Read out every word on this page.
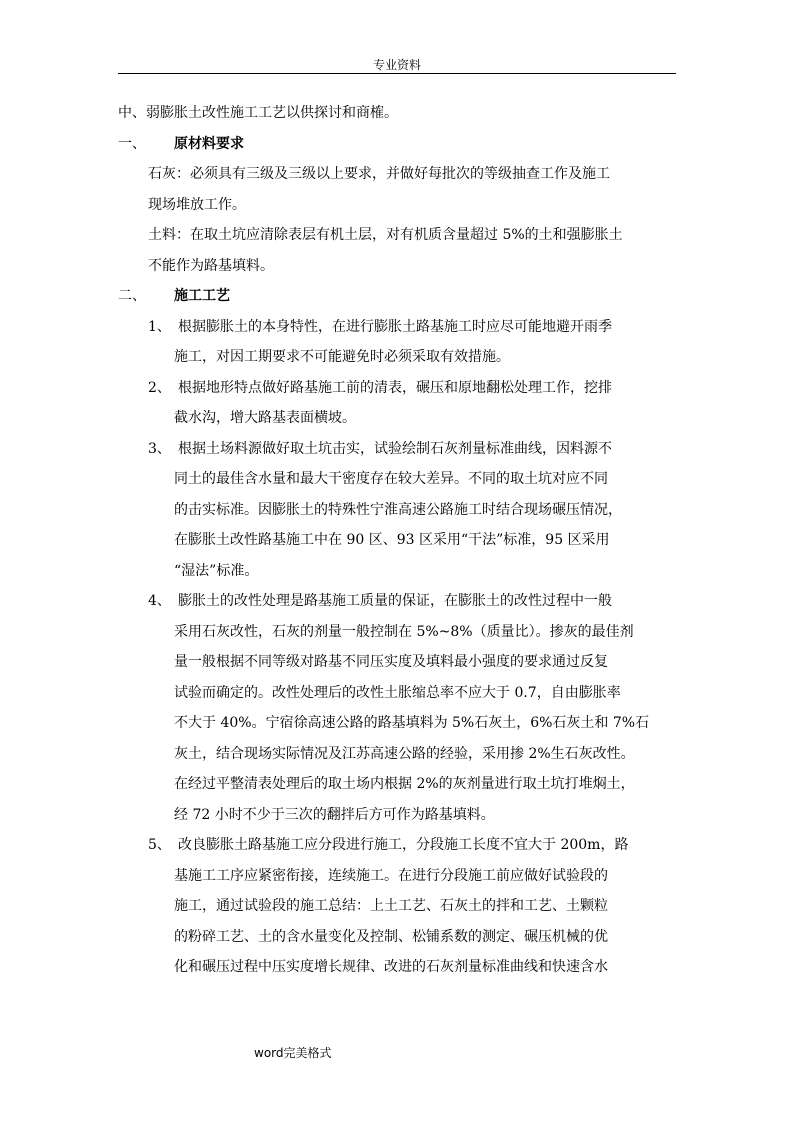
专业资料
中、弱膨胀土改性施工工艺以供探讨和商榷。
一、 原材料要求
石灰：必须具有三级及三级以上要求，并做好每批次的等级抽查工作及施工
现场堆放工作。
土料：在取土坑应清除表层有机土层，对有机质含量超过 5%的土和强膨胀土
不能作为路基填料。
二、 施工工艺
1、 根据膨胀土的本身特性，在进行膨胀土路基施工时应尽可能地避开雨季
施工，对因工期要求不可能避免时必须采取有效措施。
2、 根据地形特点做好路基施工前的清表，碾压和原地翻松处理工作，挖排
截水沟，增大路基表面横坡。
3、 根据土场料源做好取土坑击实，试验绘制石灰剂量标准曲线，因料源不
同土的最佳含水量和最大干密度存在较大差异。不同的取土坑对应不同
的击实标准。因膨胀土的特殊性宁淮高速公路施工时结合现场碾压情况，
在膨胀土改性路基施工中在 90 区、93 区采用“干法”标准，95 区采用
“湿法”标准。
4、 膨胀土的改性处理是路基施工质量的保证，在膨胀土的改性过程中一般
采用石灰改性，石灰的剂量一般控制在 5%~8%（质量比）。掺灰的最佳剂
量一般根据不同等级对路基不同压实度及填料最小强度的要求通过反复
试验而确定的。改性处理后的改性土胀缩总率不应大于 0.7，自由膨胀率
不大于 40%。宁宿徐高速公路的路基填料为 5%石灰土，6%石灰土和 7%石
灰土，结合现场实际情况及江苏高速公路的经验，采用掺 2%生石灰改性。
在经过平整清表处理后的取土场内根据 2%的灰剂量进行取土坑打堆焖土，
经 72 小时不少于三次的翻拌后方可作为路基填料。
5、 改良膨胀土路基施工应分段进行施工，分段施工长度不宜大于 200m，路
基施工工序应紧密衔接，连续施工。在进行分段施工前应做好试验段的
施工，通过试验段的施工总结：上土工艺、石灰土的拌和工艺、土颗粒
的粉碎工艺、土的含水量变化及控制、松铺系数的测定、碾压机械的优
化和碾压过程中压实度增长规律、改进的石灰剂量标准曲线和快速含水
word完美格式
